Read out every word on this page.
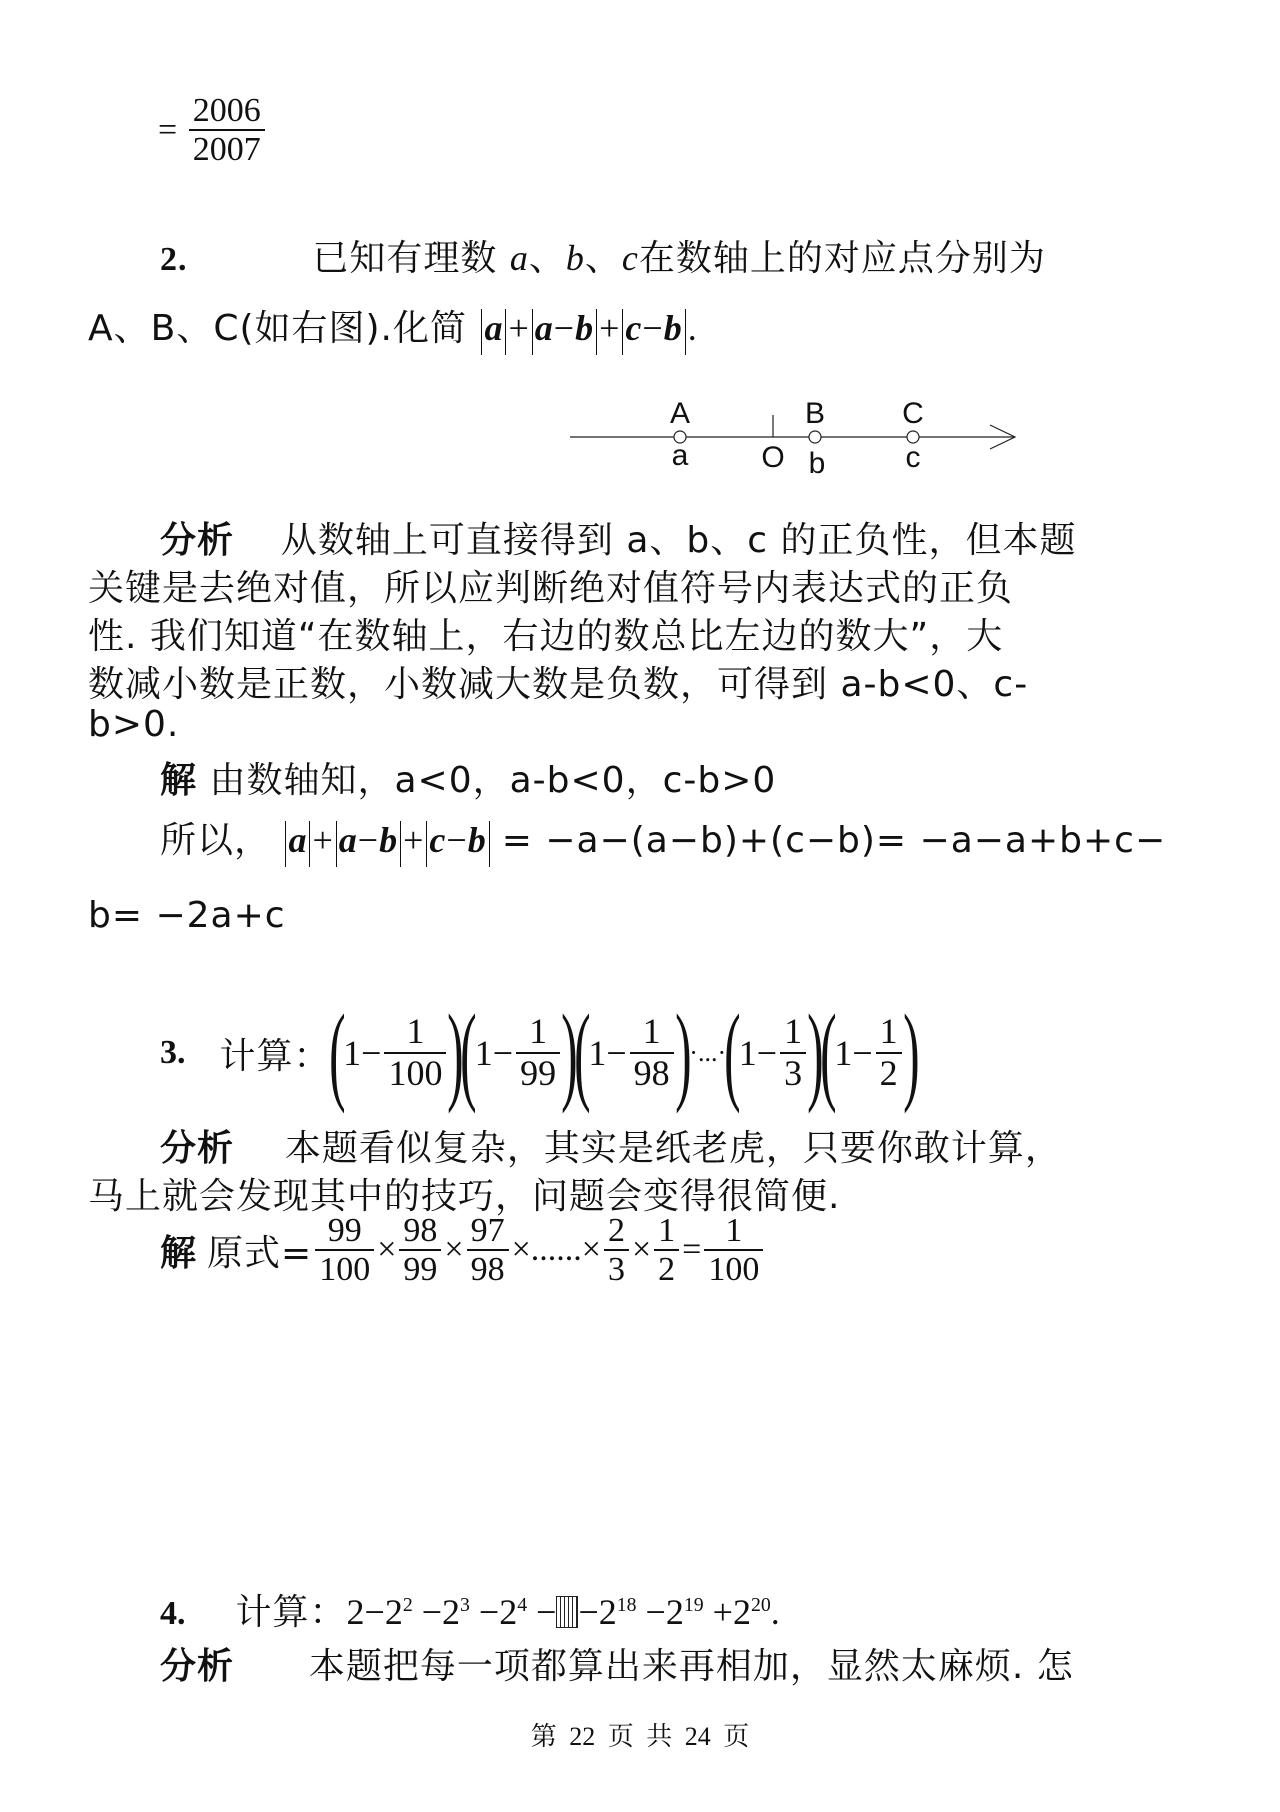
= $\frac{2006}{2007}$
2.	已知有理数 a、b、c在数轴上的对应点分别为
A、B、C(如右图).化简 a + a−b + c−b .
A	B	C
a O b	c
分析 从数轴上可直接得到 a、b、c 的正负性，但本题
关键是去绝对值，所以应判断绝对值符号内表达式的正负
性. 我们知道“在数轴上，右边的数总比左边的数大”，大
数减小数是正数，小数减大数是负数，可得到 a-b<0、c-
b>0.
解 由数轴知，a<0，a-b<0，c-b>0
所以， a + a−b + c−b = −a−(a−b)+(c−b)= −a−a+b+c−
b= −2a+c
3. 计算：
(
$1 - \frac{1}{100}$ )
(
$1 - \frac{1}{99}$ )
(
$1 - \frac{1}{98}$ )
·...·
(
$1 - \frac{1}{3}$ )
(
$1 - \frac{1}{2}$ )
分析 本题看似复杂，其实是纸老虎，只要你敢计算，
马上就会发现其中的技巧，问题会变得很简便.
解 原式= $\frac{99}{100} \times \frac{98}{99} \times \frac{97}{98}$ × ...... × $\frac{2}{3} \times \frac{1}{2} = \frac{1}{100}$
4. 计算： $2-2^2 -2^3 -2^4 - -2^{18} -2^{19} +2^{20}$.
分析 本题把每一项都算出来再相加，显然太麻烦. 怎
第 22 页 共 24 页
